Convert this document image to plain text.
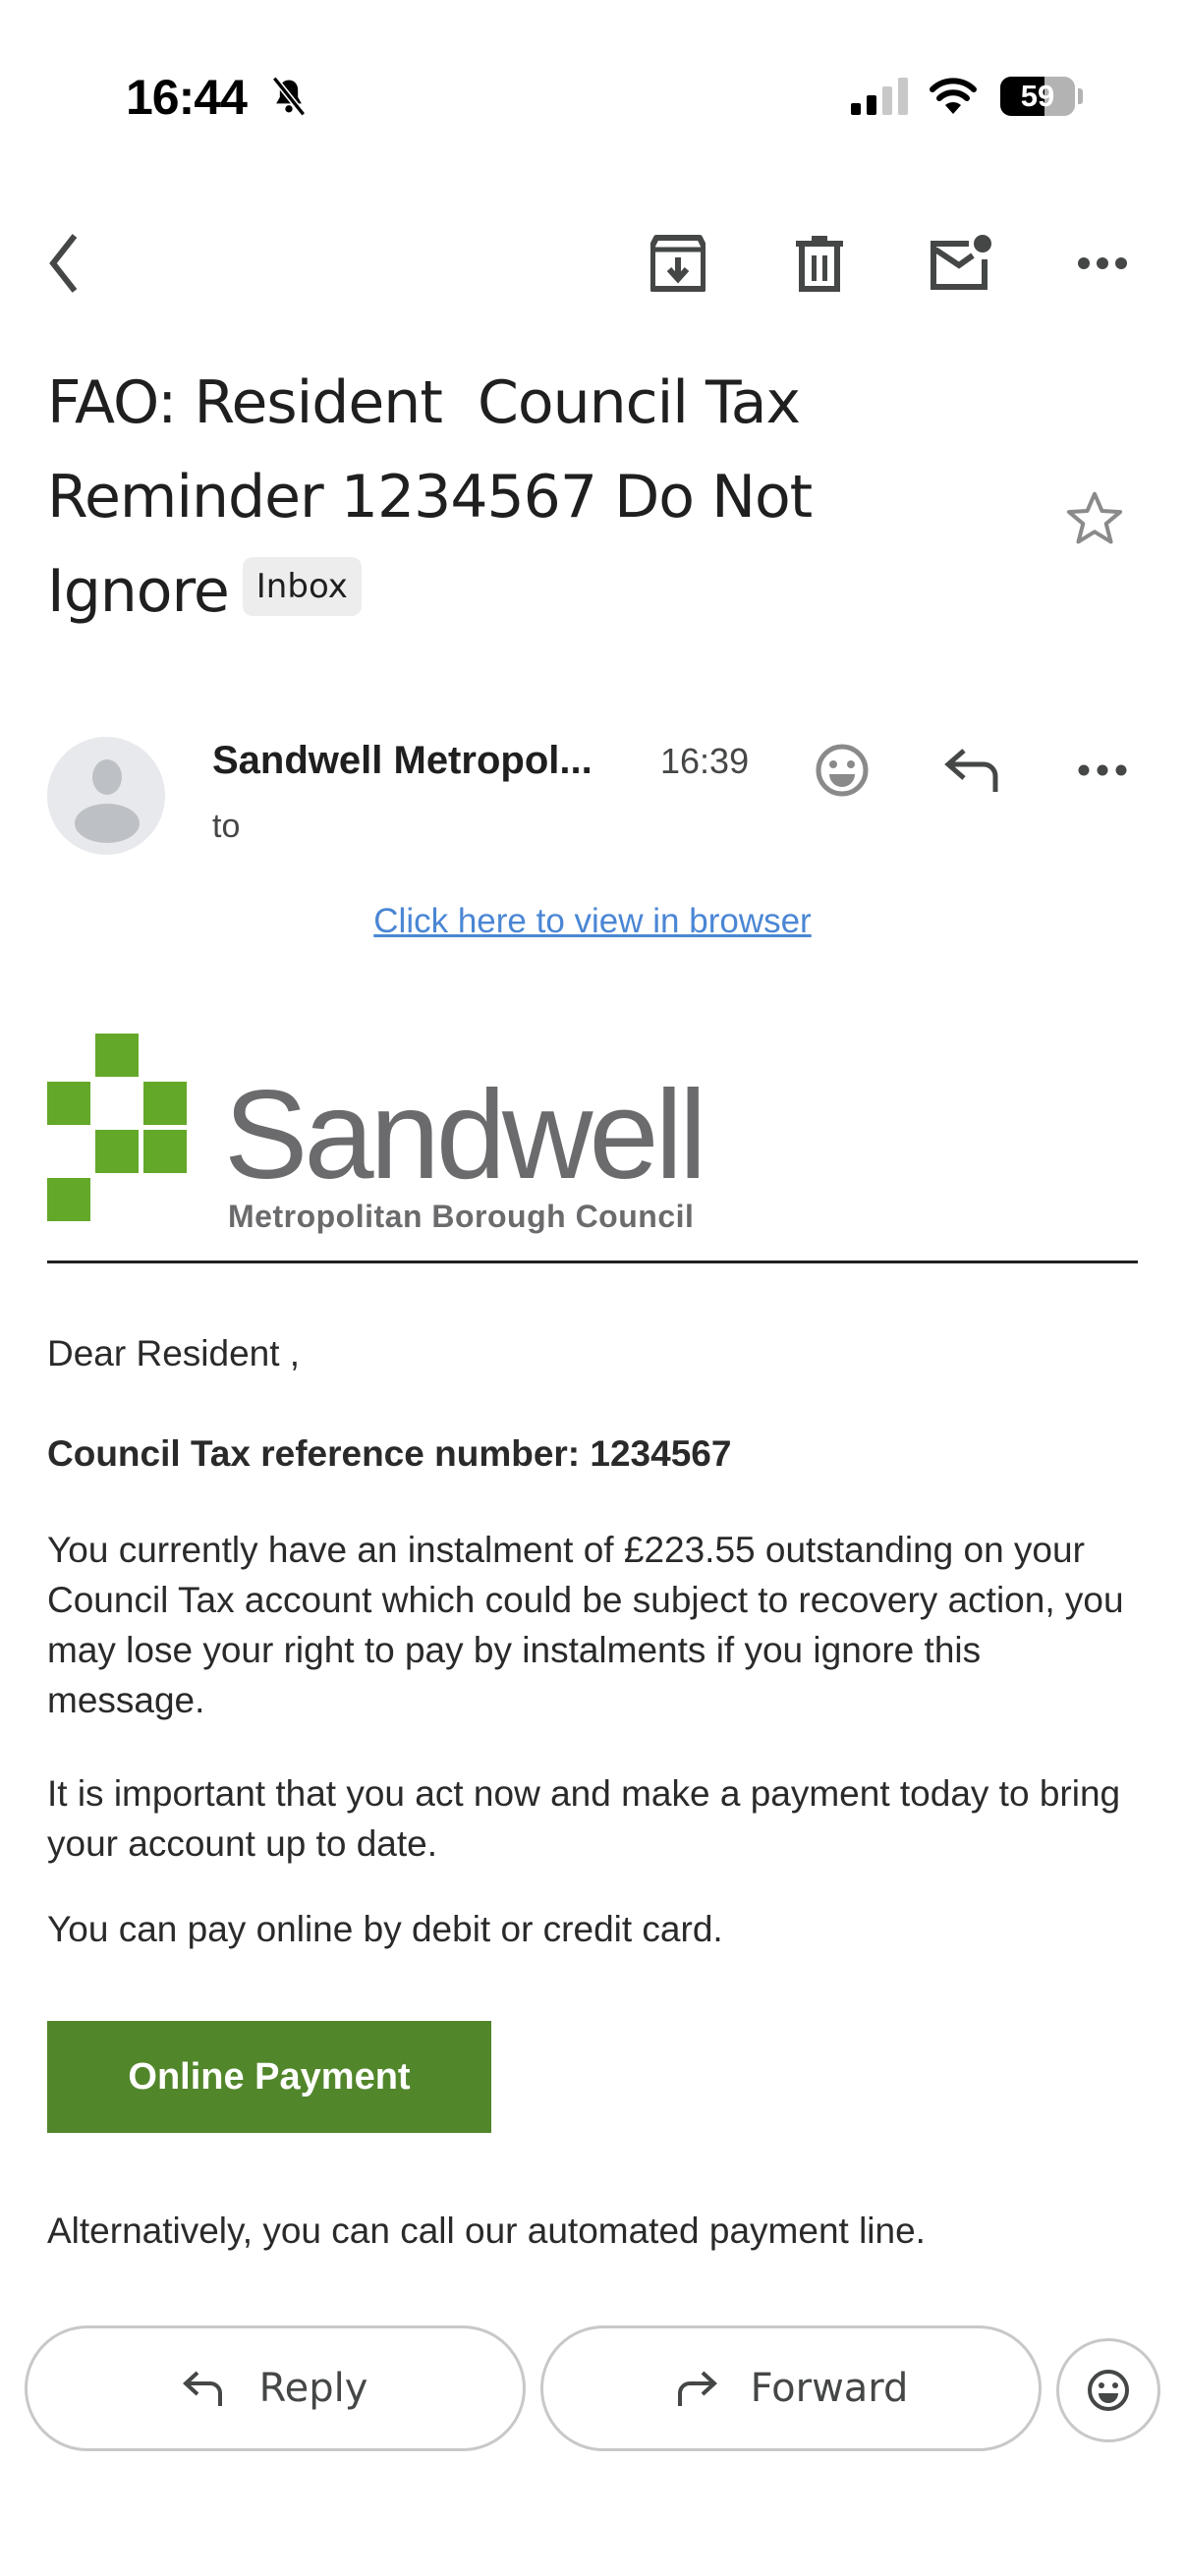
16:44	59
FAO: Resident  Council Tax
Reminder 1234567 Do Not
Ignore Inbox
Sandwell Metropol... 16:39
to
Click here to view in browser
Sandwell
Metropolitan Borough Council
Dear Resident ,
Council Tax reference number: 1234567
You currently have an instalment of £223.55 outstanding on your Council Tax account which could be subject to recovery action, you may lose your right to pay by instalments if you ignore this message.
It is important that you act now and make a payment today to bring your account up to date.
You can pay online by debit or credit card.
Online Payment
Alternatively, you can call our automated payment line.
Reply	Forward
